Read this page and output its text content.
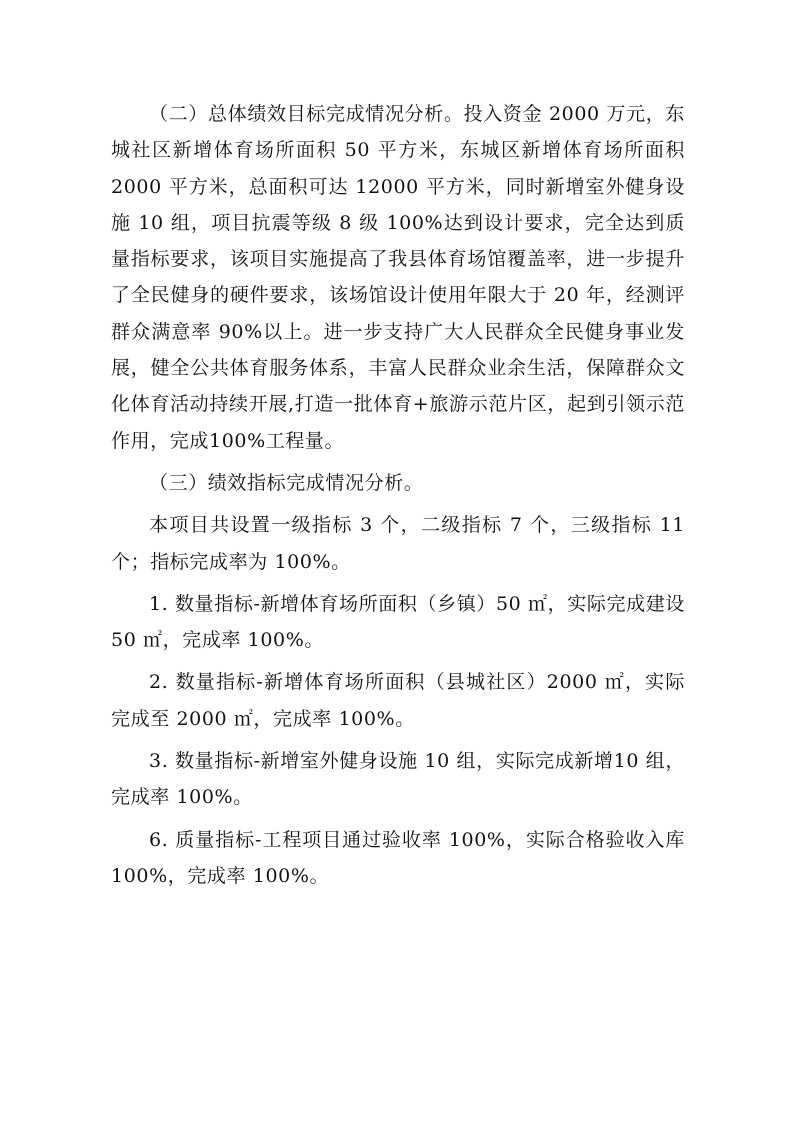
（二）总体绩效目标完成情况分析。投入资金 2000 万元，东城社区新增体育场所面积 50 平方米，东城区新增体育场所面积 2000 平方米，总面积可达 12000 平方米，同时新增室外健身设施 10 组，项目抗震等级 8 级 100%达到设计要求，完全达到质量指标要求，该项目实施提高了我县体育场馆覆盖率，进一步提升了全民健身的硬件要求，该场馆设计使用年限大于 20 年，经测评群众满意率 90%以上。进一步支持广大人民群众全民健身事业发展，健全公共体育服务体系，丰富人民群众业余生活，保障群众文化体育活动持续开展,打造一批体育+旅游示范片区，起到引领示范作用，完成100%工程量。

（三）绩效指标完成情况分析。

本项目共设置一级指标 3 个，二级指标 7 个，三级指标 11 个；指标完成率为 100%。

1. 数量指标-新增体育场所面积（乡镇）50 ㎡，实际完成建设 50 ㎡，完成率 100%。

2. 数量指标-新增体育场所面积（县城社区）2000 ㎡，实际完成至 2000 ㎡，完成率 100%。

3. 数量指标-新增室外健身设施 10 组，实际完成新增10 组，完成率 100%。

6. 质量指标-工程项目通过验收率 100%，实际合格验收入库 100%，完成率 100%。
